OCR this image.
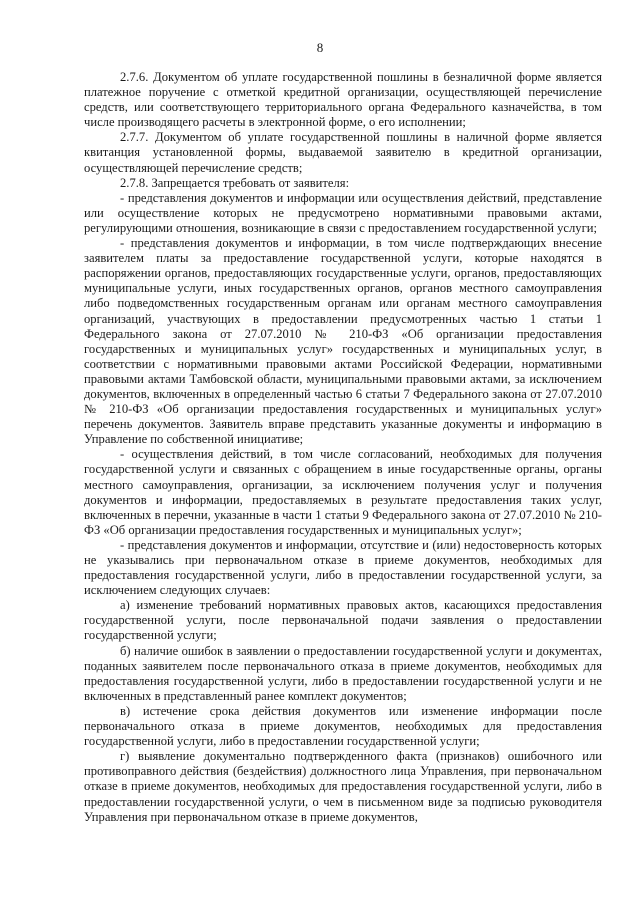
8

2.7.6. Документом об уплате государственной пошлины в безналичной форме является платежное поручение с отметкой кредитной организации, осуществляющей перечисление средств, или соответствующего территориального органа Федерального казначейства, в том числе производящего расчеты в электронной форме, о его исполнении;

2.7.7. Документом об уплате государственной пошлины в наличной форме является квитанция установленной формы, выдаваемой заявителю в кредитной организации, осуществляющей перечисление средств;

2.7.8. Запрещается требовать от заявителя:

- представления документов и информации или осуществления действий, представление или осуществление которых не предусмотрено нормативными правовыми актами, регулирующими отношения, возникающие в связи с предоставлением государственной услуги;

- представления документов и информации, в том числе подтверждающих внесение заявителем платы за предоставление государственной услуги, которые находятся в распоряжении органов, предоставляющих государственные услуги, органов, предоставляющих муниципальные услуги, иных государственных органов, органов местного самоуправления либо подведомственных государственным органам или органам местного самоуправления организаций, участвующих в предоставлении предусмотренных частью 1 статьи 1 Федерального закона от 27.07.2010 № 210-ФЗ «Об организации предоставления государственных и муниципальных услуг» государственных и муниципальных услуг, в соответствии с нормативными правовыми актами Российской Федерации, нормативными правовыми актами Тамбовской области, муниципальными правовыми актами, за исключением документов, включенных в определенный частью 6 статьи 7 Федерального закона от 27.07.2010 № 210-ФЗ «Об организации предоставления государственных и муниципальных услуг» перечень документов. Заявитель вправе представить указанные документы и информацию в Управление по собственной инициативе;

- осуществления действий, в том числе согласований, необходимых для получения государственной услуги и связанных с обращением в иные государственные органы, органы местного самоуправления, организации, за исключением получения услуг и получения документов и информации, предоставляемых в результате предоставления таких услуг, включенных в перечни, указанные в части 1 статьи 9 Федерального закона от 27.07.2010 № 210-ФЗ «Об организации предоставления государственных и муниципальных услуг»;

- представления документов и информации, отсутствие и (или) недостоверность которых не указывались при первоначальном отказе в приеме документов, необходимых для предоставления государственной услуги, либо в предоставлении государственной услуги, за исключением следующих случаев:

а) изменение требований нормативных правовых актов, касающихся предоставления государственной услуги, после первоначальной подачи заявления о предоставлении государственной услуги;

б) наличие ошибок в заявлении о предоставлении государственной услуги и документах, поданных заявителем после первоначального отказа в приеме документов, необходимых для предоставления государственной услуги, либо в предоставлении государственной услуги и не включенных в представленный ранее комплект документов;

в) истечение срока действия документов или изменение информации после первоначального отказа в приеме документов, необходимых для предоставления государственной услуги, либо в предоставлении государственной услуги;

г) выявление документально подтвержденного факта (признаков) ошибочного или противоправного действия (бездействия) должностного лица Управления, при первоначальном отказе в приеме документов, необходимых для предоставления государственной услуги, либо в предоставлении государственной услуги, о чем в письменном виде за подписью руководителя Управления при первоначальном отказе в приеме документов,
